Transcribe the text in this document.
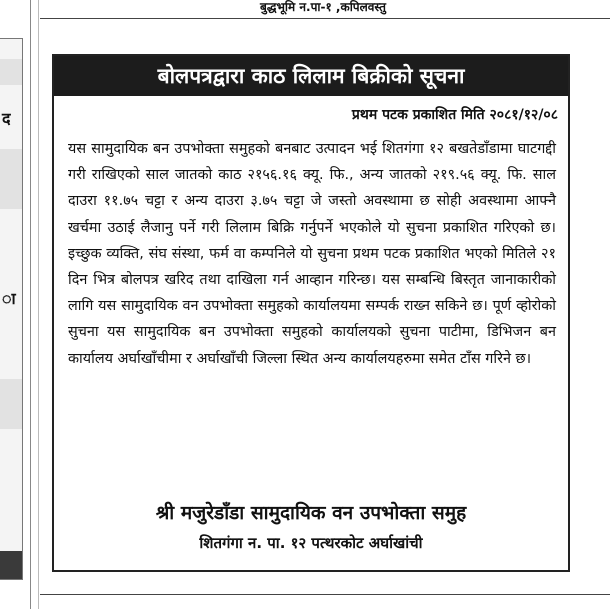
बुद्धभूमि न.पा-१ ,कपिलवस्तु
द
ा
बोलपत्रद्वारा काठ लिलाम बिक्रीको सूचना
प्रथम पटक प्रकाशित मिति २०८१/१२/०८
यस सामुदायिक बन उपभोक्ता समुहको बनबाट उत्पादन भई शितगंगा १२ बखतेडाँडामा घाटगद्दी गरी राखिएको साल जातको काठ २१५६.१६ क्यू. फि., अन्य जातको २१९.५६ क्यू. फि. साल दाउरा ११.७५ चट्टा र अन्य दाउरा ३.७५ चट्टा जे जस्तो अवस्थामा छ सोही अवस्थामा आफ्नै खर्चमा उठाई लैजानु पर्ने गरी लिलाम बिक्रि गर्नुपर्ने भएकोले यो सुचना प्रकाशित गरिएको छ। इच्छुक व्यक्ति, संघ संस्था, फर्म वा कम्पनिले यो सुचना प्रथम पटक प्रकाशित भएको मितिले २१ दिन भित्र बोलपत्र खरिद तथा दाखिला गर्न आव्हान गरिन्छ। यस सम्बन्धि बिस्तृत जानाकारीको लागि यस सामुदायिक वन उपभोक्ता समुहको कार्यालयमा सम्पर्क राख्न सकिने छ। पूर्ण व्होरोको सुचना यस सामुदायिक बन उपभोक्ता समुहको कार्यालयको सुचना पाटीमा, डिभिजन बन कार्यालय अर्घाखाँचीमा र अर्घाखाँची जिल्ला स्थित अन्य कार्यालयहरुमा समेत टाँस गरिने छ।
श्री मजुरेडाँडा सामुदायिक वन उपभोक्ता समुह
शितगंगा न. पा. १२ पत्थरकोट अर्घाखांची
